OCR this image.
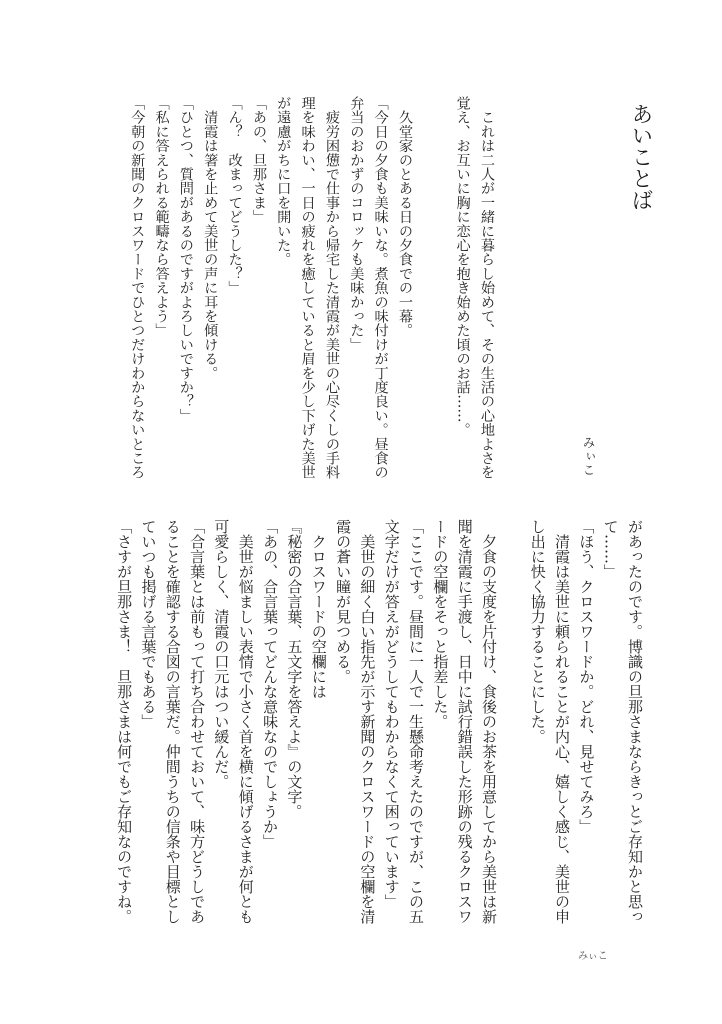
あいことば
みぃこ
　これは二人が一緒に暮らし始めて、その生活の心地よさを
覚え、お互いに胸に恋心を抱き始めた頃のお話……。
　久堂家のとある日の夕食での一幕。
「今日の夕食も美味いな。煮魚の味付けが丁度良い。昼食の
弁当のおかずのコロッケも美味かった」
　疲労困憊で仕事から帰宅した清霞が美世の心尽くしの手料
理を味わい、一日の疲れを癒していると眉を少し下げた美世
が遠慮がちに口を開いた。
「あの、旦那さま」
「ん？　改まってどうした？」
　清霞は箸を止めて美世の声に耳を傾ける。
「ひとつ、質問があるのですがよろしいですか？」
「私に答えられる範疇なら答えよう」
「今朝の新聞のクロスワードでひとつだけわからないところ
があったのです。博識の旦那さまならきっとご存知かと思っ
て……」
「ほう、クロスワードか。どれ、見せてみろ」
　清霞は美世に頼られることが内心、嬉しく感じ、美世の申
し出に快く協力することにした。
　夕食の支度を片付け、食後のお茶を用意してから美世は新
聞を清霞に手渡し、日中に試行錯誤した形跡の残るクロスワ
ードの空欄をそっと指差した。
「ここです。昼間に一人で一生懸命考えたのですが、この五
文字だけが答えがどうしてもわからなくて困っています」
　美世の細く白い指先が示す新聞のクロスワードの空欄を清
霞の蒼い瞳が見つめる。
　クロスワードの空欄には
『秘密の合言葉、五文字を答えよ』の文字。
「あの、合言葉ってどんな意味なのでしょうか」
　美世が悩ましい表情で小さく首を横に傾げるさまが何とも
可愛らしく、清霞の口元はつい緩んだ。
「合言葉とは前もって打ち合わせておいて、味方どうしであ
ることを確認する合図の言葉だ。仲間うちの信条や目標とし
ていつも掲げる言葉でもある」
「さすが旦那さま！　旦那さまは何でもご存知なのですね。
みぃこ
